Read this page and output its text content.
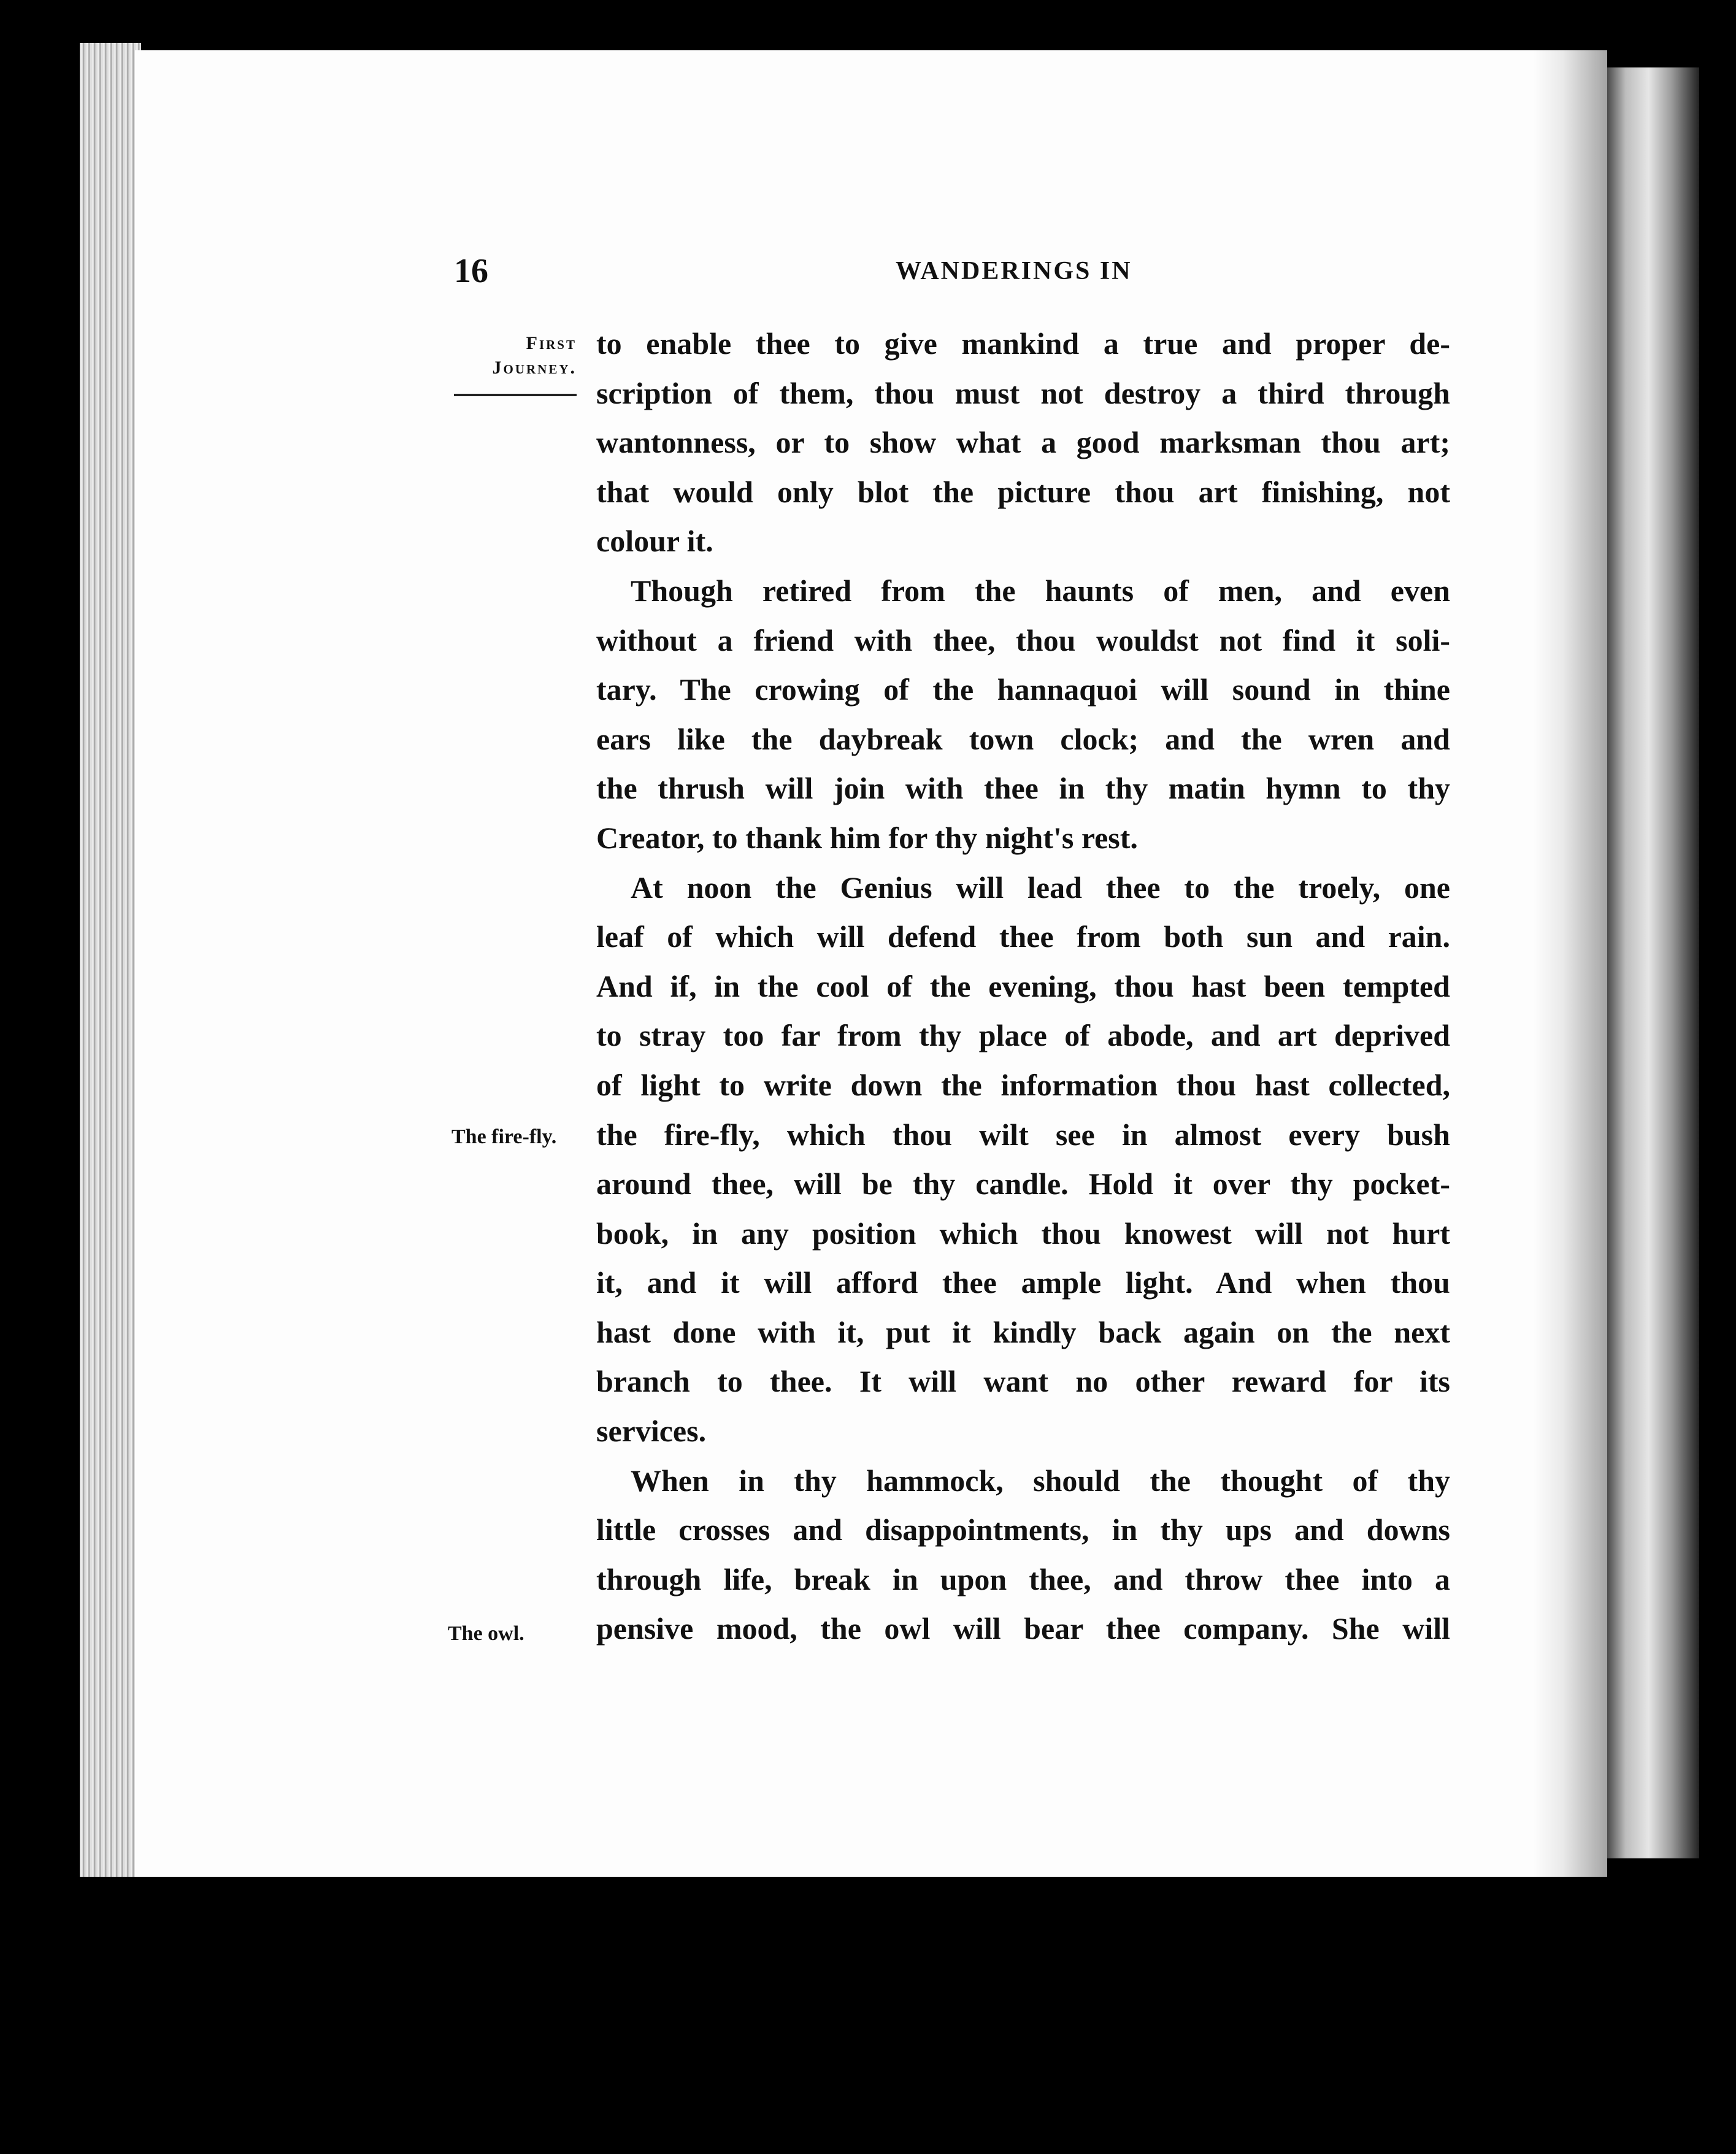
16	WANDERINGS IN
First
Journey.
The fire-fly.
The owl.
to enable thee to give mankind a true and proper de-
scription of them, thou must not destroy a third through
wantonness, or to show what a good marksman thou art;
that would only blot the picture thou art finishing, not
colour it.
Though retired from the haunts of men, and even
without a friend with thee, thou wouldst not find it soli-
tary. The crowing of the hannaquoi will sound in thine
ears like the daybreak town clock; and the wren and
the thrush will join with thee in thy matin hymn to thy
Creator, to thank him for thy night's rest.
At noon the Genius will lead thee to the troely, one
leaf of which will defend thee from both sun and rain.
And if, in the cool of the evening, thou hast been tempted
to stray too far from thy place of abode, and art deprived
of light to write down the information thou hast collected,
the fire-fly, which thou wilt see in almost every bush
around thee, will be thy candle. Hold it over thy pocket-
book, in any position which thou knowest will not hurt
it, and it will afford thee ample light. And when thou
hast done with it, put it kindly back again on the next
branch to thee. It will want no other reward for its
services.
When in thy hammock, should the thought of thy
little crosses and disappointments, in thy ups and downs
through life, break in upon thee, and throw thee into a
pensive mood, the owl will bear thee company. She will
